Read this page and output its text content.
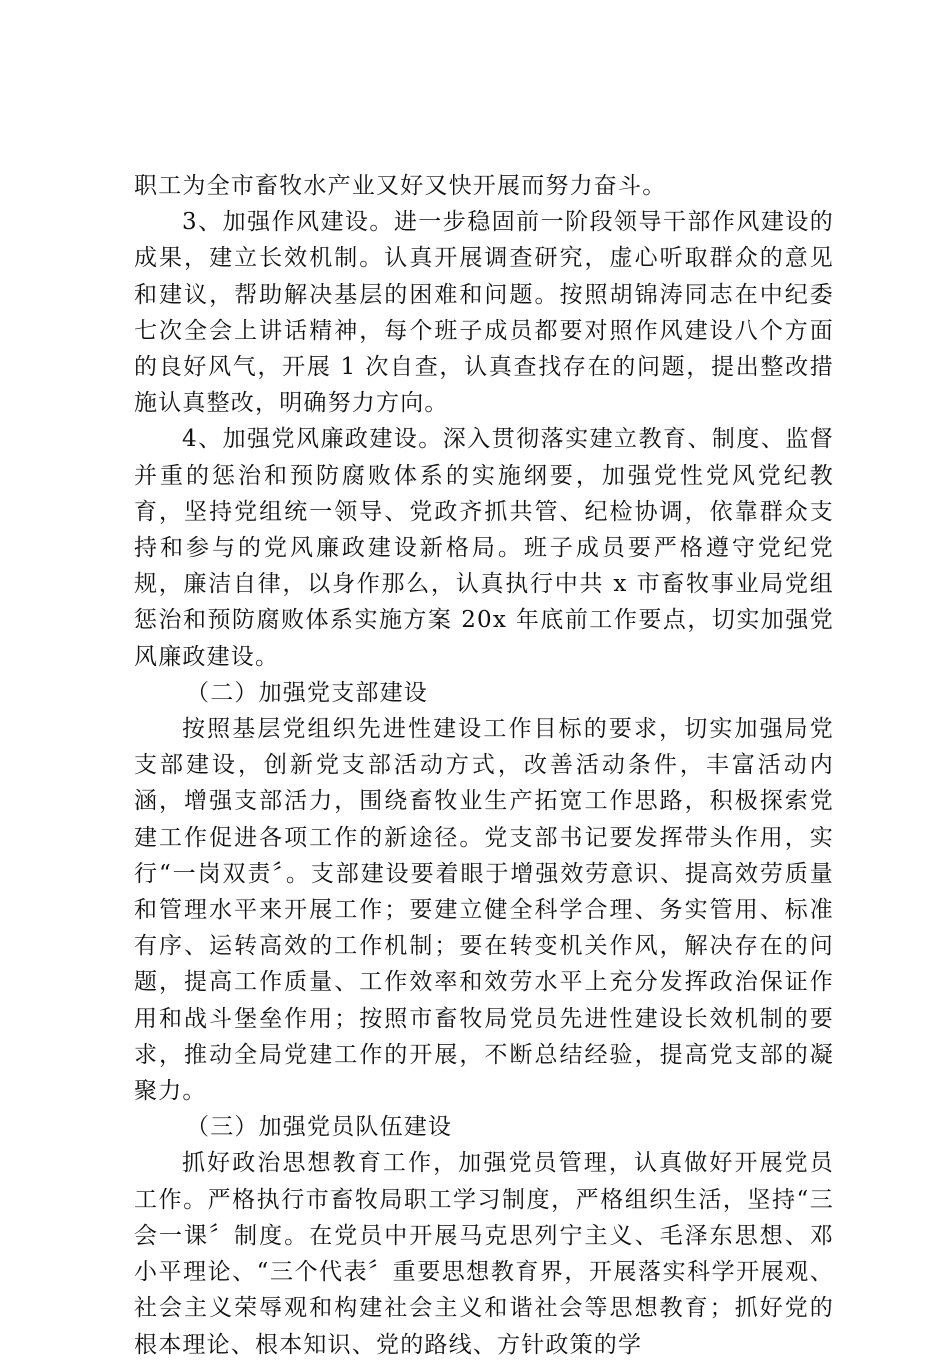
职工为全市畜牧水产业又好又快开展而努力奋斗。

3、加强作风建设。进一步稳固前一阶段领导干部作风建设的成果，建立长效机制。认真开展调查研究，虚心听取群众的意见和建议，帮助解决基层的困难和问题。按照胡锦涛同志在中纪委七次全会上讲话精神，每个班子成员都要对照作风建设八个方面的良好风气，开展 1 次自查，认真查找存在的问题，提出整改措施认真整改，明确努力方向。

4、加强党风廉政建设。深入贯彻落实建立教育、制度、监督并重的惩治和预防腐败体系的实施纲要，加强党性党风党纪教育，坚持党组统一领导、党政齐抓共管、纪检协调，依靠群众支持和参与的党风廉政建设新格局。班子成员要严格遵守党纪党规，廉洁自律，以身作那么，认真执行中共 x 市畜牧事业局党组惩治和预防腐败体系实施方案 20x 年底前工作要点，切实加强党风廉政建设。

（二）加强党支部建设

按照基层党组织先进性建设工作目标的要求，切实加强局党支部建设，创新党支部活动方式，改善活动条件，丰富活动内涵，增强支部活力，围绕畜牧业生产拓宽工作思路，积极探索党建工作促进各项工作的新途径。党支部书记要发挥带头作用，实行“一岗双责〞。支部建设要着眼于增强效劳意识、提高效劳质量和管理水平来开展工作；要建立健全科学合理、务实管用、标准有序、运转高效的工作机制；要在转变机关作风，解决存在的问题，提高工作质量、工作效率和效劳水平上充分发挥政治保证作用和战斗堡垒作用；按照市畜牧局党员先进性建设长效机制的要求，推动全局党建工作的开展，不断总结经验，提高党支部的凝聚力。

（三）加强党员队伍建设

抓好政治思想教育工作，加强党员管理，认真做好开展党员工作。严格执行市畜牧局职工学习制度，严格组织生活，坚持“三会一课〞制度。在党员中开展马克思列宁主义、毛泽东思想、邓小平理论、“三个代表〞重要思想教育界，开展落实科学开展观、社会主义荣辱观和构建社会主义和谐社会等思想教育；抓好党的根本理论、根本知识、党的路线、方针政策的学
